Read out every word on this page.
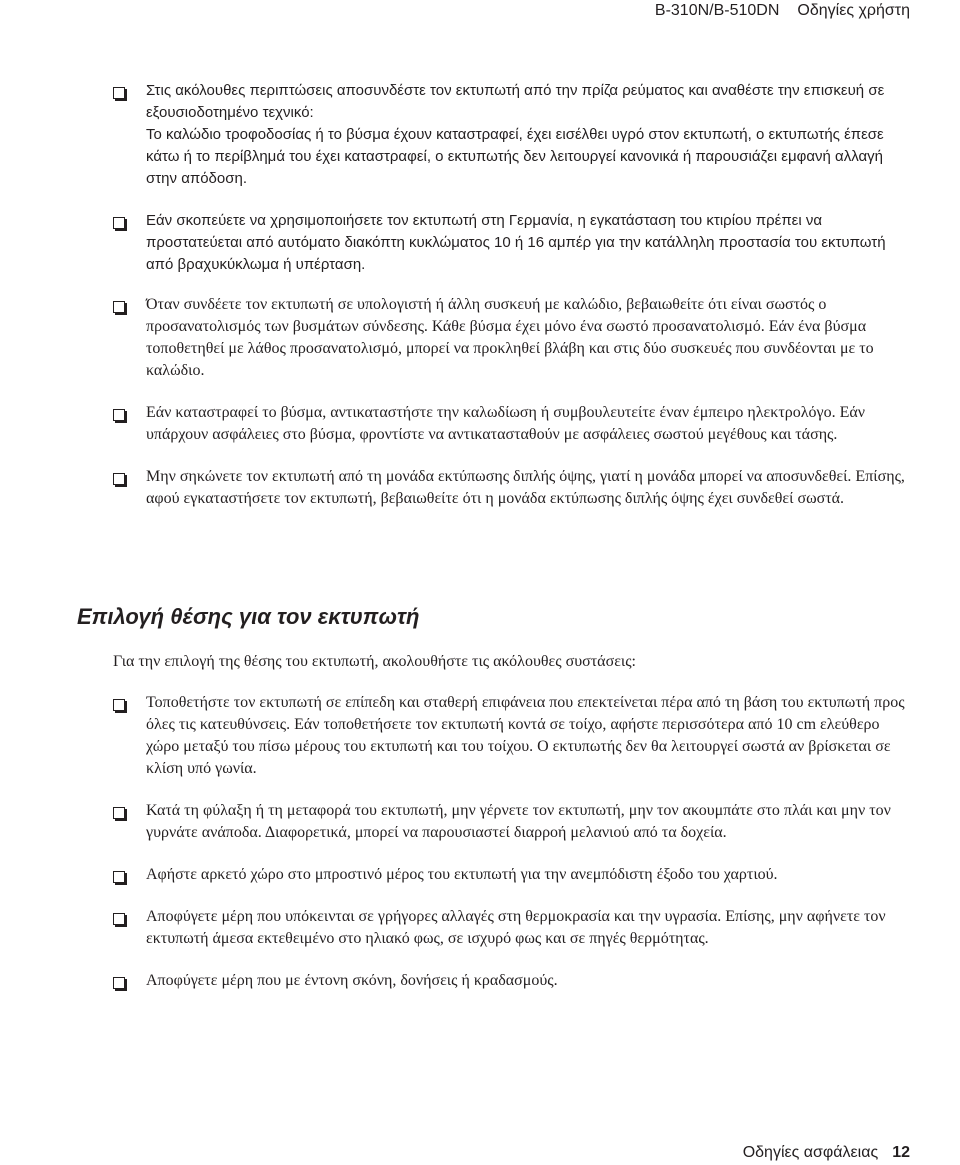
B-310N/B-510DN Οδηγίες χρήστη
Στις ακόλουθες περιπτώσεις αποσυνδέστε τον εκτυπωτή από την πρίζα ρεύματος και αναθέστε την επισκευή σε εξουσιοδοτημένο τεχνικό:
Το καλώδιο τροφοδοσίας ή το βύσμα έχουν καταστραφεί, έχει εισέλθει υγρό στον εκτυπωτή, ο εκτυπωτής έπεσε κάτω ή το περίβλημά του έχει καταστραφεί, ο εκτυπωτής δεν λειτουργεί κανονικά ή παρουσιάζει εμφανή αλλαγή στην απόδοση.
Εάν σκοπεύετε να χρησιμοποιήσετε τον εκτυπωτή στη Γερμανία, η εγκατάσταση του κτιρίου πρέπει να προστατεύεται από αυτόματο διακόπτη κυκλώματος 10 ή 16 αμπέρ για την κατάλληλη προστασία του εκτυπωτή από βραχυκύκλωμα ή υπέρταση.
Όταν συνδέετε τον εκτυπωτή σε υπολογιστή ή άλλη συσκευή με καλώδιο, βεβαιωθείτε ότι είναι σωστός ο προσανατολισμός των βυσμάτων σύνδεσης. Κάθε βύσμα έχει μόνο ένα σωστό προσανατολισμό. Εάν ένα βύσμα τοποθετηθεί με λάθος προσανατολισμό, μπορεί να προκληθεί βλάβη και στις δύο συσκευές που συνδέονται με το καλώδιο.
Εάν καταστραφεί το βύσμα, αντικαταστήστε την καλωδίωση ή συμβουλευτείτε έναν έμπειρο ηλεκτρολόγο. Εάν υπάρχουν ασφάλειες στο βύσμα, φροντίστε να αντικατασταθούν με ασφάλειες σωστού μεγέθους και τάσης.
Μην σηκώνετε τον εκτυπωτή από τη μονάδα εκτύπωσης διπλής όψης, γιατί η μονάδα μπορεί να αποσυνδεθεί. Επίσης, αφού εγκαταστήσετε τον εκτυπωτή, βεβαιωθείτε ότι η μονάδα εκτύπωσης διπλής όψης έχει συνδεθεί σωστά.
Επιλογή θέσης για τον εκτυπωτή

Για την επιλογή της θέσης του εκτυπωτή, ακολουθήστε τις ακόλουθες συστάσεις:

Τοποθετήστε τον εκτυπωτή σε επίπεδη και σταθερή επιφάνεια που επεκτείνεται πέρα από τη βάση του εκτυπωτή προς όλες τις κατευθύνσεις. Εάν τοποθετήσετε τον εκτυπωτή κοντά σε τοίχο, αφήστε περισσότερα από 10 cm ελεύθερο χώρο μεταξύ του πίσω μέρους του εκτυπωτή και του τοίχου. Ο εκτυπωτής δεν θα λειτουργεί σωστά αν βρίσκεται σε κλίση υπό γωνία.
Κατά τη φύλαξη ή τη μεταφορά του εκτυπωτή, μην γέρνετε τον εκτυπωτή, μην τον ακουμπάτε στο πλάι και μην τον γυρνάτε ανάποδα. Διαφορετικά, μπορεί να παρουσιαστεί διαρροή μελανιού από τα δοχεία.
Αφήστε αρκετό χώρο στο μπροστινό μέρος του εκτυπωτή για την ανεμπόδιστη έξοδο του χαρτιού.
Αποφύγετε μέρη που υπόκεινται σε γρήγορες αλλαγές στη θερμοκρασία και την υγρασία. Επίσης, μην αφήνετε τον εκτυπωτή άμεσα εκτεθειμένο στο ηλιακό φως, σε ισχυρό φως και σε πηγές θερμότητας.
Αποφύγετε μέρη που με έντονη σκόνη, δονήσεις ή κραδασμούς.
Οδηγίες ασφάλειας 12
